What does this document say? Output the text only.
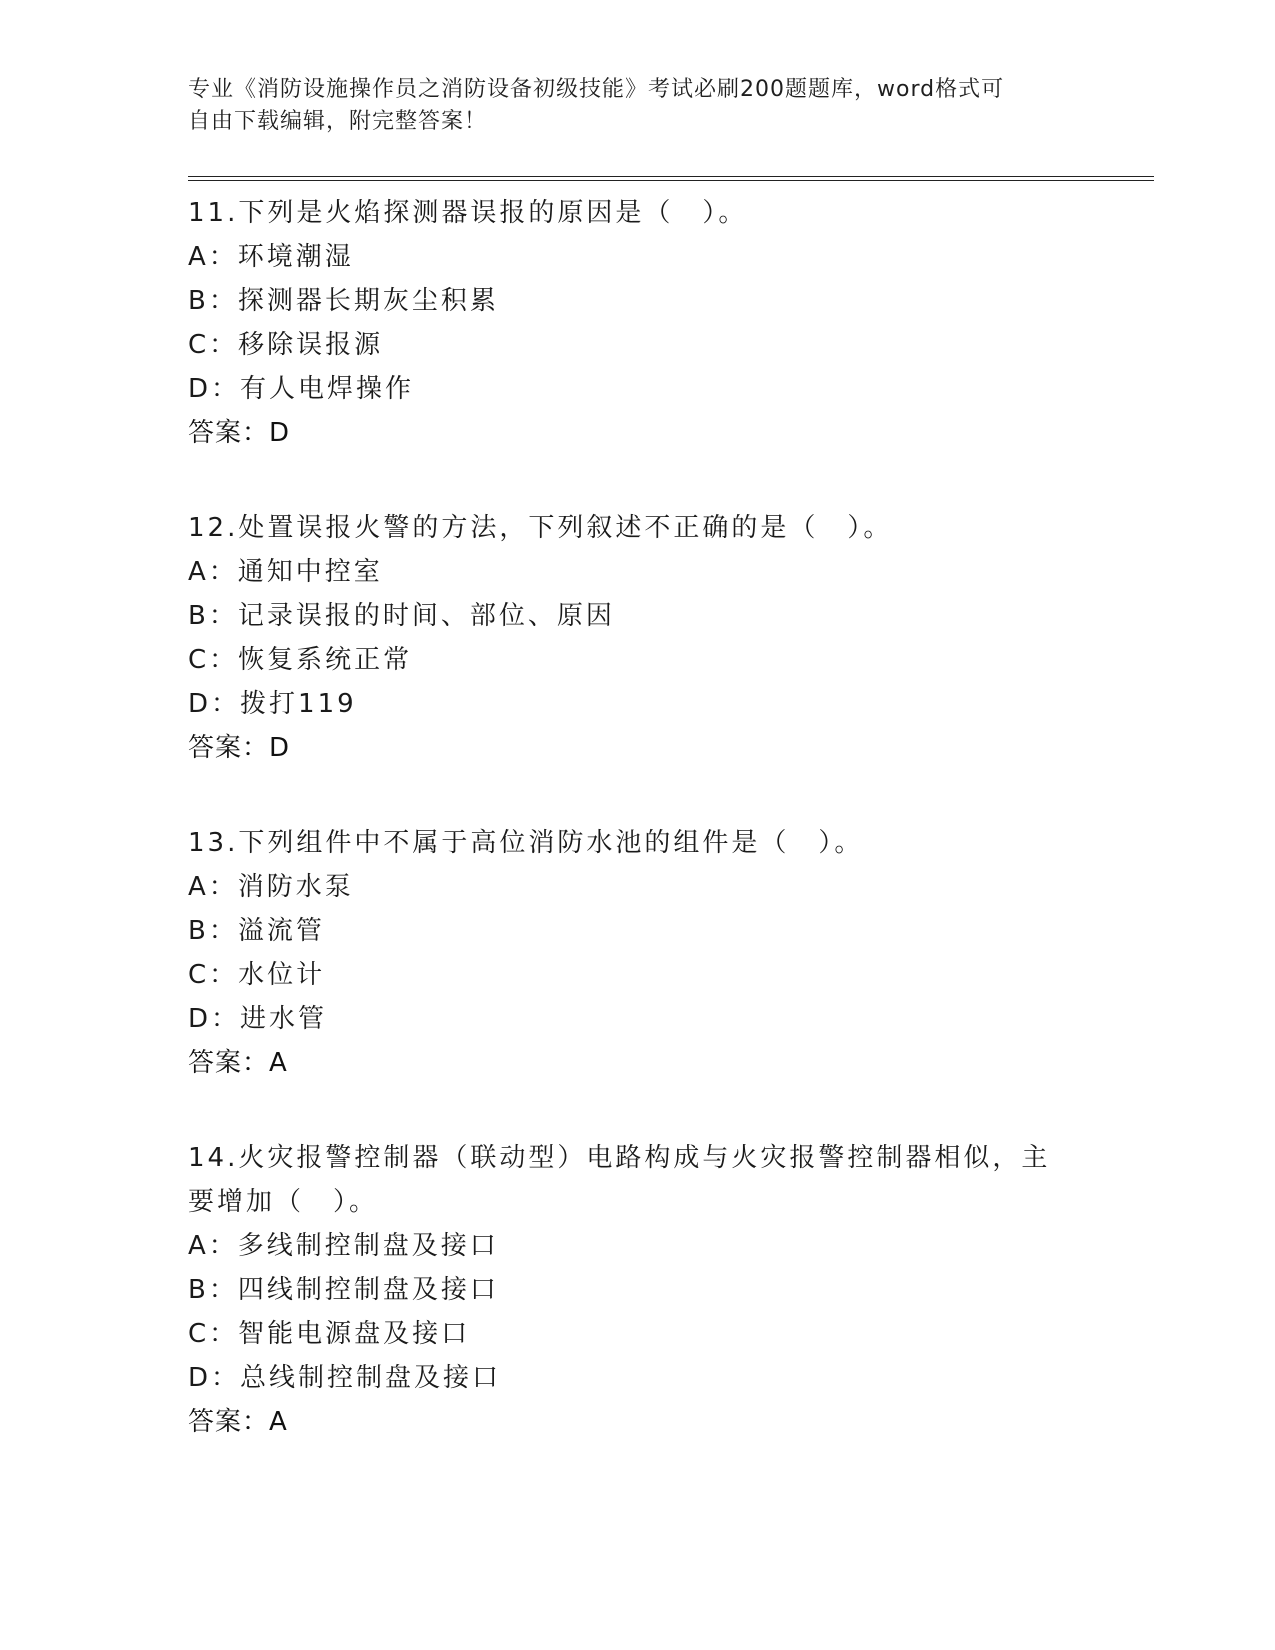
专业《消防设施操作员之消防设备初级技能》考试必刷200题题库，word格式可
自由下载编辑，附完整答案！
11.下列是火焰探测器误报的原因是（　）。
A：环境潮湿
B：探测器长期灰尘积累
C：移除误报源
D：有人电焊操作
答案：D
12.处置误报火警的方法，下列叙述不正确的是（　）。
A：通知中控室
B：记录误报的时间、部位、原因
C：恢复系统正常
D：拨打119
答案：D
13.下列组件中不属于高位消防水池的组件是（　）。
A：消防水泵
B：溢流管
C：水位计
D：进水管
答案：A
14.火灾报警控制器（联动型）电路构成与火灾报警控制器相似，主要增加（　）。
A：多线制控制盘及接口
B：四线制控制盘及接口
C：智能电源盘及接口
D：总线制控制盘及接口
答案：A
